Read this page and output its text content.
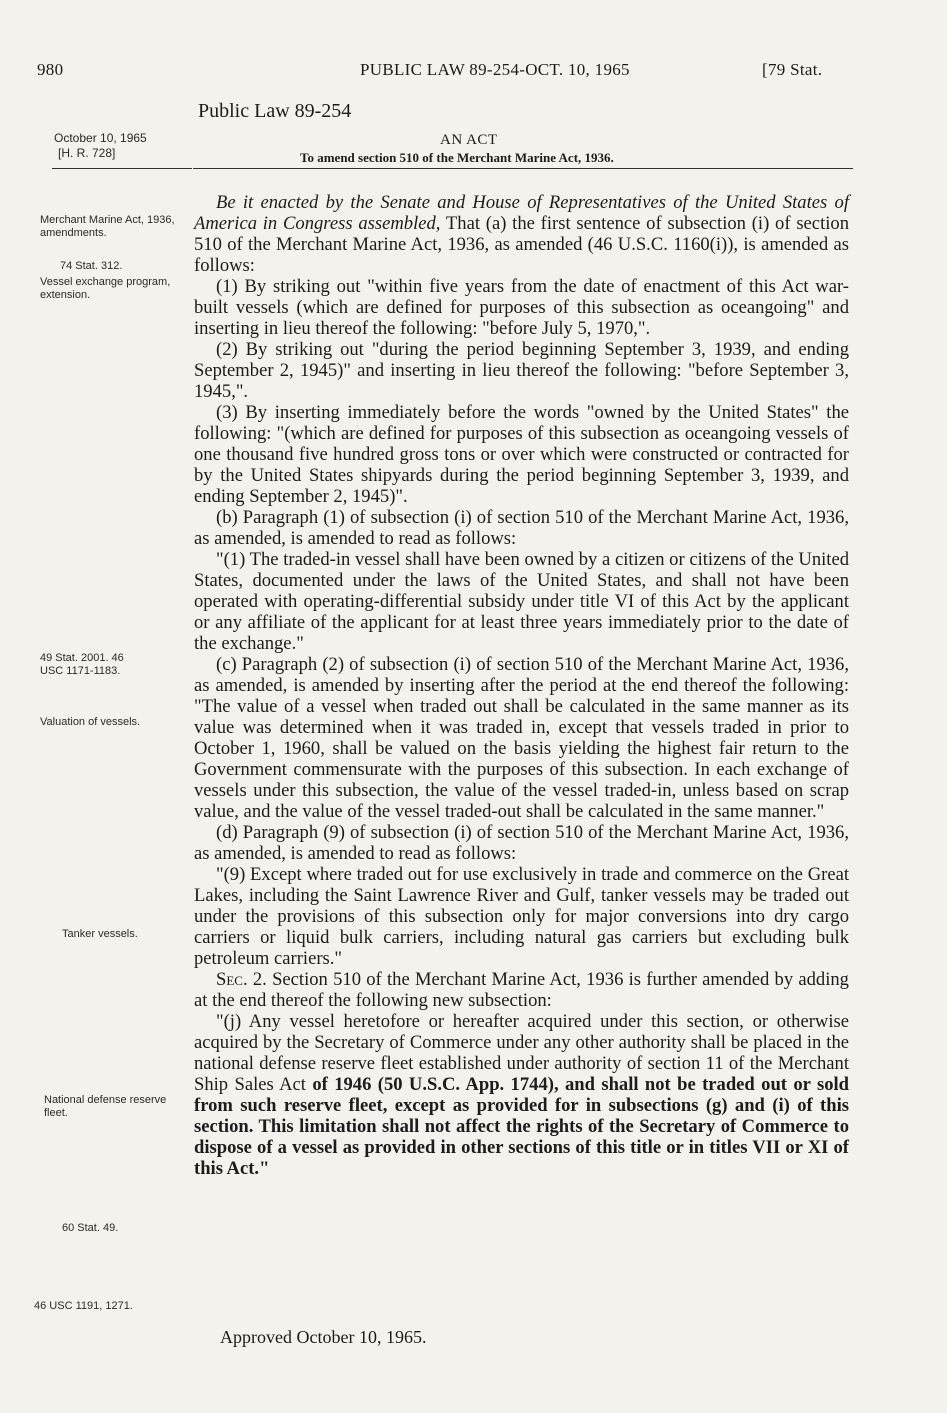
980	PUBLIC LAW 89-254-OCT. 10, 1965	[79 Stat.
Public Law 89-254
October 10, 1965
[H. R. 728]
AN ACT
To amend section 510 of the Merchant Marine Act, 1936.
Merchant Marine Act, 1936, amendments.
74 Stat. 312.
Vessel exchange program, extension.
49 Stat. 2001. 46 USC 1171-1183.
Valuation of vessels.
Tanker vessels.
National defense reserve fleet.
60 Stat. 49.
46 USC 1191, 1271.

Be it enacted by the Senate and House of Representatives of the United States of America in Congress assembled, That (a) the first sentence of subsection (i) of section 510 of the Merchant Marine Act, 1936, as amended (46 U.S.C. 1160(i)), is amended as follows:

(1) By striking out "within five years from the date of enactment of this Act war-built vessels (which are defined for purposes of this subsection as oceangoing" and inserting in lieu thereof the following: "before July 5, 1970,".

(2) By striking out "during the period beginning September 3, 1939, and ending September 2, 1945)" and inserting in lieu thereof the following: "before September 3, 1945,".

(3) By inserting immediately before the words "owned by the United States" the following: "(which are defined for purposes of this subsection as oceangoing vessels of one thousand five hundred gross tons or over which were constructed or contracted for by the United States shipyards during the period beginning September 3, 1939, and ending September 2, 1945)".

(b) Paragraph (1) of subsection (i) of section 510 of the Merchant Marine Act, 1936, as amended, is amended to read as follows:

"(1) The traded-in vessel shall have been owned by a citizen or citizens of the United States, documented under the laws of the United States, and shall not have been operated with operating-differential subsidy under title VI of this Act by the applicant or any affiliate of the applicant for at least three years immediately prior to the date of the exchange."

(c) Paragraph (2) of subsection (i) of section 510 of the Merchant Marine Act, 1936, as amended, is amended by inserting after the period at the end thereof the following: "The value of a vessel when traded out shall be calculated in the same manner as its value was determined when it was traded in, except that vessels traded in prior to October 1, 1960, shall be valued on the basis yielding the highest fair return to the Government commensurate with the purposes of this subsection. In each exchange of vessels under this subsection, the value of the vessel traded-in, unless based on scrap value, and the value of the vessel traded-out shall be calculated in the same manner."

(d) Paragraph (9) of subsection (i) of section 510 of the Merchant Marine Act, 1936, as amended, is amended to read as follows:

"(9) Except where traded out for use exclusively in trade and commerce on the Great Lakes, including the Saint Lawrence River and Gulf, tanker vessels may be traded out under the provisions of this subsection only for major conversions into dry cargo carriers or liquid bulk carriers, including natural gas carriers but excluding bulk petroleum carriers."

Sec. 2. Section 510 of the Merchant Marine Act, 1936 is further amended by adding at the end thereof the following new subsection:

"(j) Any vessel heretofore or hereafter acquired under this section, or otherwise acquired by the Secretary of Commerce under any other authority shall be placed in the national defense reserve fleet established under authority of section 11 of the Merchant Ship Sales Act of 1946 (50 U.S.C. App. 1744), and shall not be traded out or sold from such reserve fleet, except as provided for in subsections (g) and (i) of this section. This limitation shall not affect the rights of the Secretary of Commerce to dispose of a vessel as provided in other sections of this title or in titles VII or XI of this Act."

Approved October 10, 1965.
